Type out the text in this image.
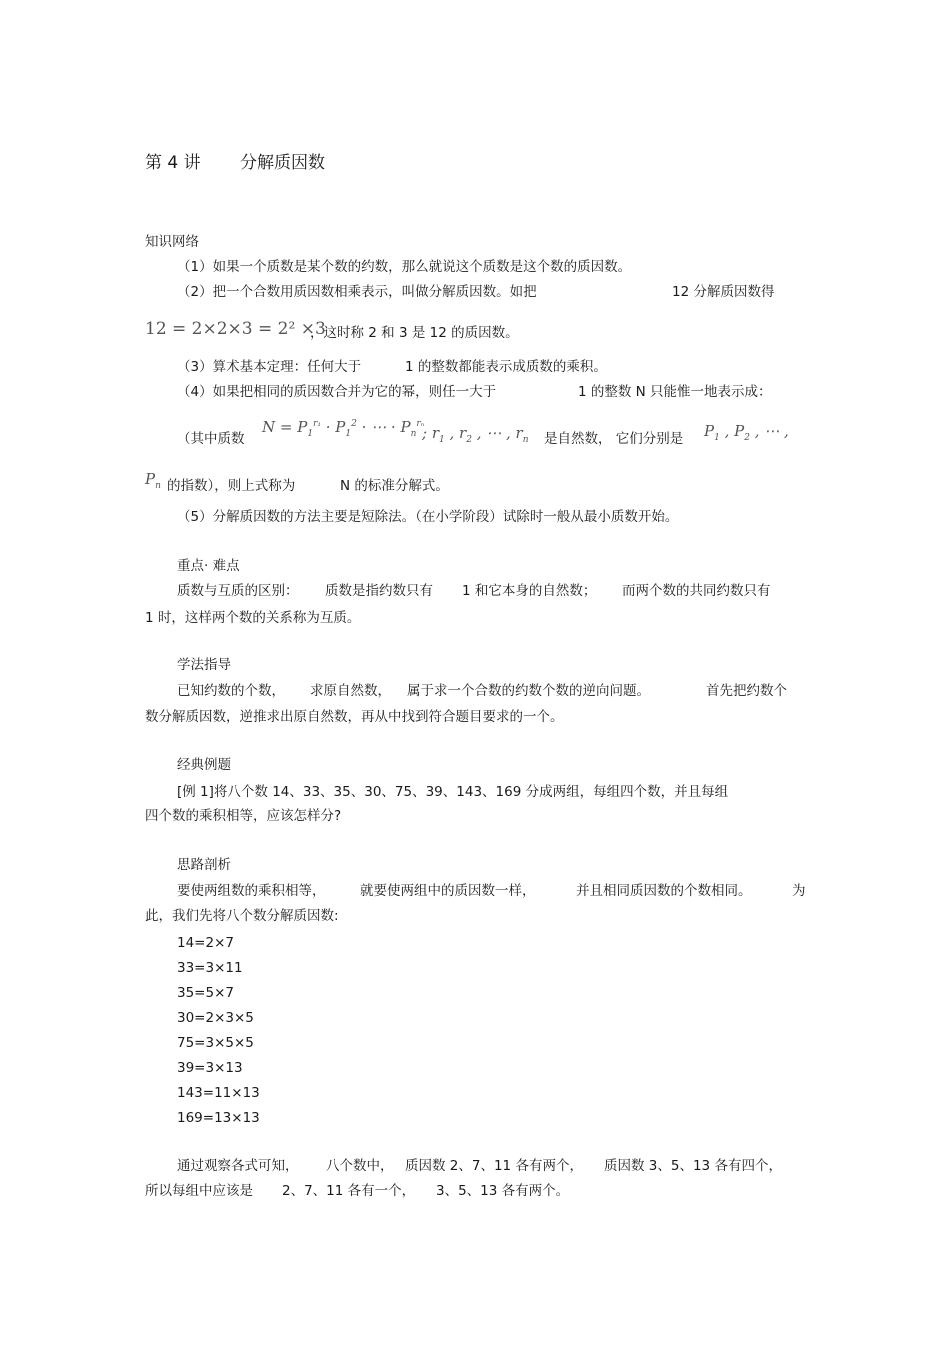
第 4 讲 分解质因数
知识网络
（1）如果一个质数是某个数的约数，那么就说这个质数是这个数的质因数。
（2）把一个合数用质因数相乘表示，叫做分解质因数。如把	12 分解质因数得
12 = 2×2×3 = 2² ×3
，这时称 2 和 3 是 12 的质因数。
（3）算术基本定理：任何大于	1 的整数都能表示成质数的乘积。
（4）如果把相同的质因数合并为它的幂，则任一大于	1 的整数 N 只能惟一地表示成：
（其中质数
$N = P_1^{r_1} \cdot P_1^2$ · ⋯ · $P_n^{r_n}$
; $r_1$ , $r_2$ , ⋯ , $r_n$ 是自然数， 它们分别是 $P_1$ , $P_2$ , ⋯ ,
$P_n$ 的指数），则上式称为	N 的标准分解式。
（5）分解质因数的方法主要是短除法。（在小学阶段）试除时一般从最小质数开始。
重点· 难点
质数与互质的区别： 质数是指约数只有 1 和它本身的自然数； 而两个数的共同约数只有
1 时，这样两个数的关系称为互质。
学法指导
已知约数的个数， 求原自然数， 属于求一个合数的约数个数的逆向问题。	首先把约数个
数分解质因数，逆推求出原自然数，再从中找到符合题目要求的一个。
经典例题
[例 1]将八个数 14、33、35、30、75、39、143、169 分成两组，每组四个数，并且每组
四个数的乘积相等，应该怎样分?
思路剖析
要使两组数的乘积相等，	就要使两组中的质因数一样，	并且相同质因数的个数相同。	为
此，我们先将八个数分解质因数:
14=2×7
33=3×11
35=5×7
30=2×3×5
75=3×5×5
39=3×13
143=11×13
169=13×13
通过观察各式可知， 八个数中， 质因数 2、7、11 各有两个， 质因数 3、5、13 各有四个，
所以每组中应该是 2、7、11 各有一个， 3、5、13 各有两个。
